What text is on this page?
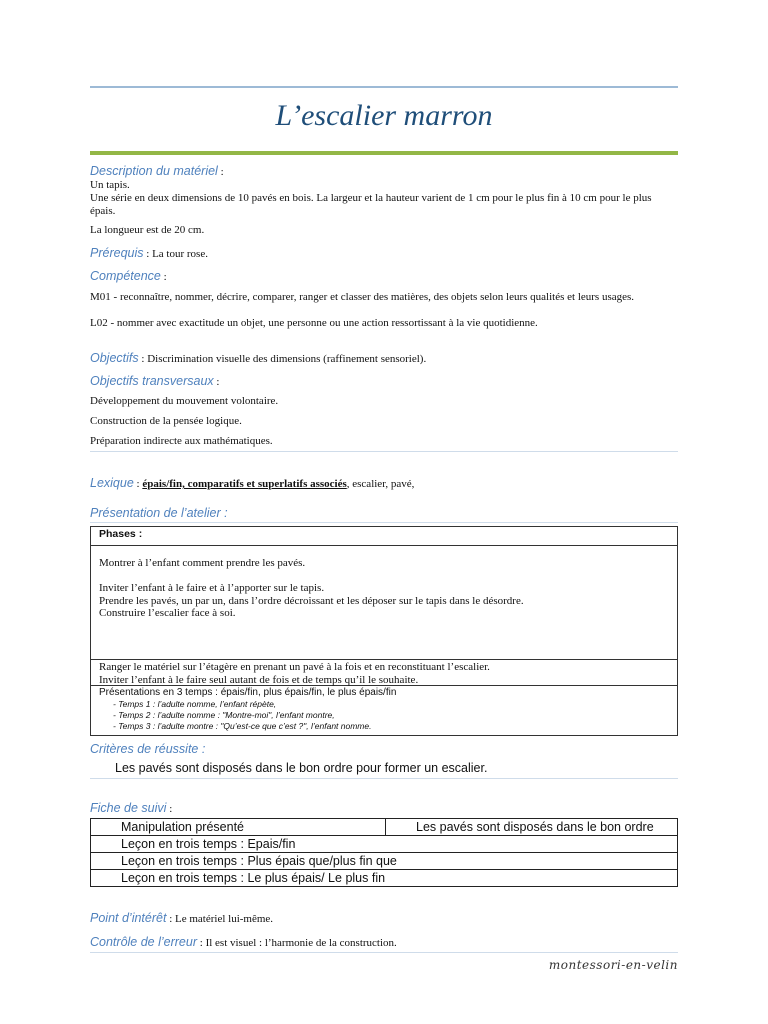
L’escalier marron
Description du matériel :
Un tapis.
Une série en deux dimensions de 10 pavés en bois. La largeur et la hauteur varient de 1 cm pour le plus fin à 10 cm pour le plus épais.
La longueur est de 20 cm.
Prérequis : La tour rose.
Compétence :
M01 - reconnaître, nommer, décrire, comparer, ranger et classer des matières, des objets selon leurs qualités et leurs usages.
L02 - nommer avec exactitude un objet, une personne ou une action ressortissant à la vie quotidienne.
Objectifs : Discrimination visuelle des dimensions (raffinement sensoriel).
Objectifs transversaux :
Développement du mouvement volontaire.
Construction de la pensée logique.
Préparation indirecte aux mathématiques.
Lexique : épais/fin, comparatifs et superlatifs associés, escalier, pavé,
Présentation de l’atelier :
Phases :
Montrer à l’enfant comment prendre les pavés.
Inviter l’enfant à le faire et à l’apporter sur le tapis.
Prendre les pavés, un par un, dans l’ordre décroissant et les déposer sur le tapis dans le désordre.
Construire l’escalier face à soi.
Ranger le matériel sur l’étagère en prenant un pavé à la fois et en reconstituant l’escalier.
Inviter l’enfant à le faire seul autant de fois et de temps qu’il le souhaite.
Présentations en 3 temps : épais/fin, plus épais/fin, le plus épais/fin
- Temps 1 : l’adulte nomme, l’enfant répète,
- Temps 2 : l’adulte nomme : "Montre-moi", l’enfant montre,
- Temps 3 : l’adulte montre : "Qu’est-ce que c’est ?", l’enfant nomme.
Critères de réussite :
Les pavés sont disposés dans le bon ordre pour former un escalier.
Fiche de suivi :
Manipulation présenté	Les pavés sont disposés dans le bon ordre
Leçon en trois temps : Epais/fin
Leçon en trois temps : Plus épais que/plus fin que
Leçon en trois temps : Le plus épais/ Le plus fin
Point d’intérêt : Le matériel lui-même.
Contrôle de l’erreur : Il est visuel : l’harmonie de la construction.
montessori-en-velin
